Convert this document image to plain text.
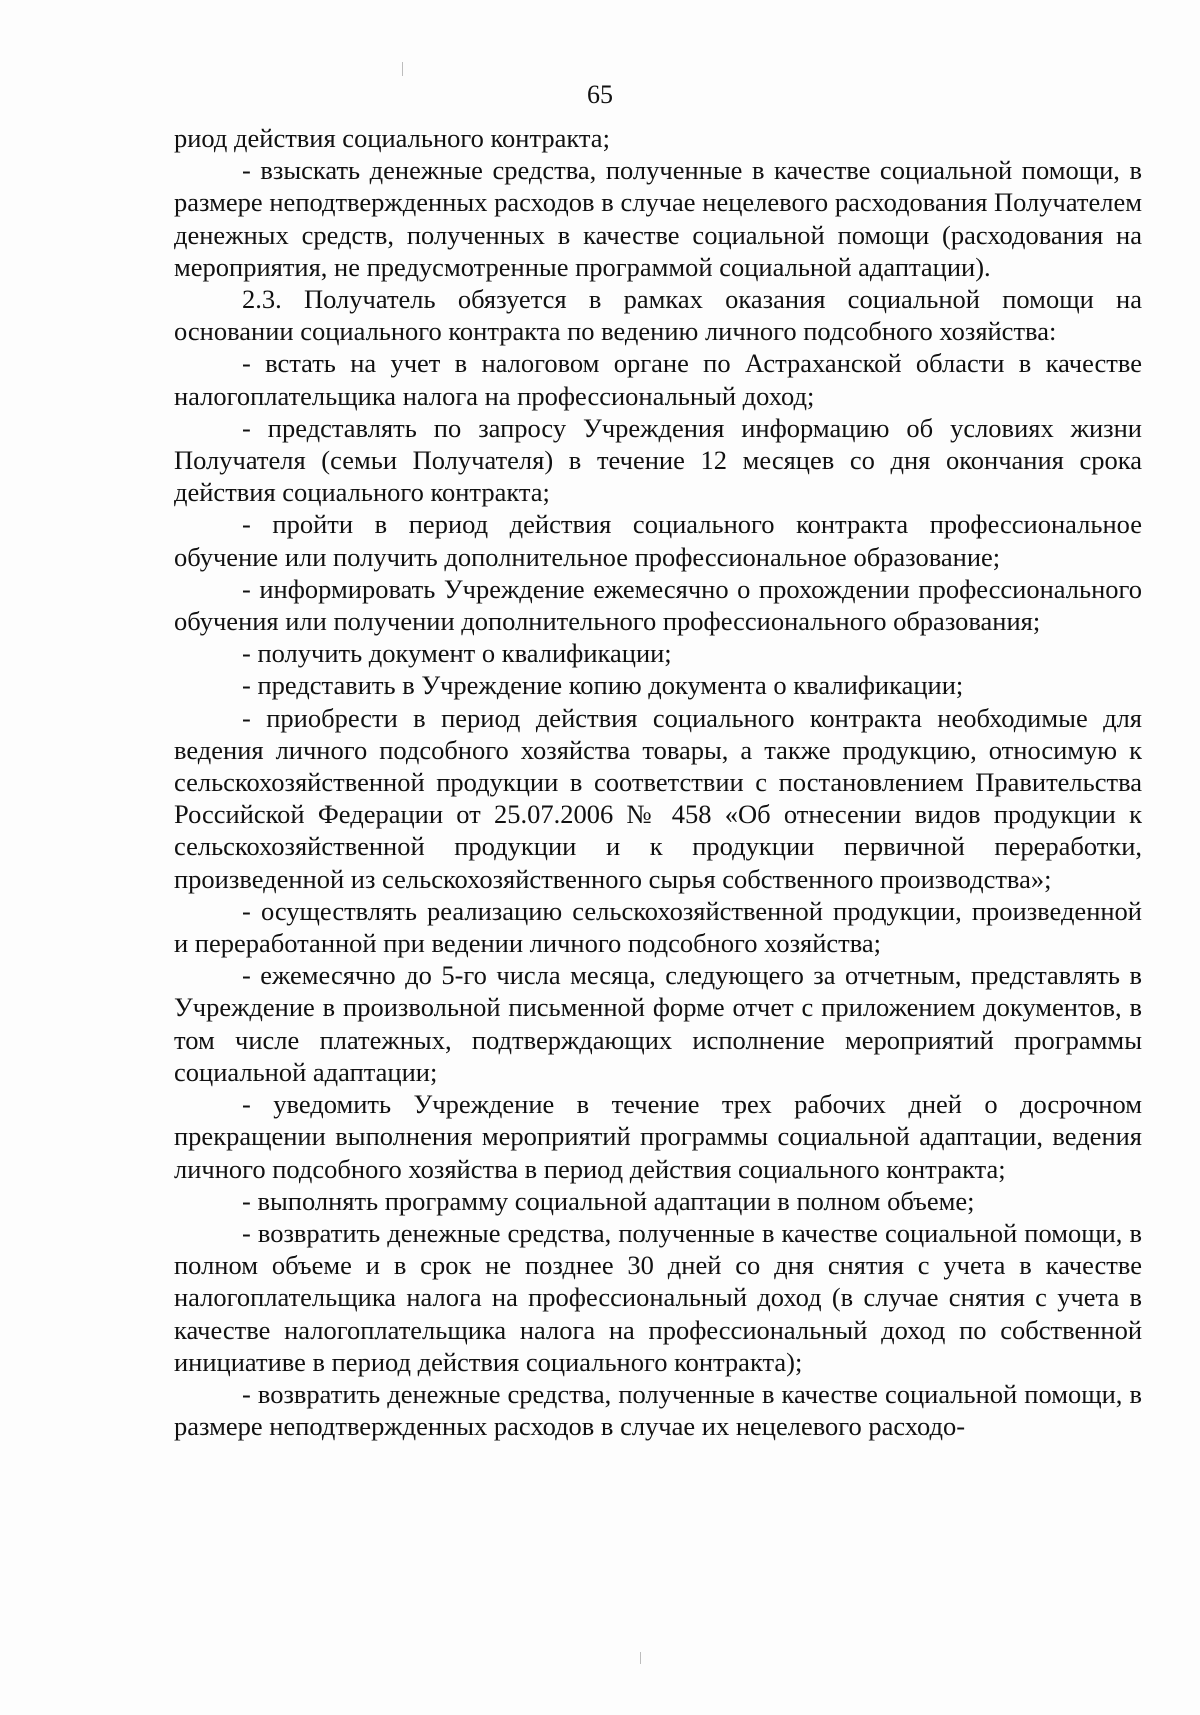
65

риод действия социального контракта;

- взыскать денежные средства, полученные в качестве социальной помощи, в размере неподтвержденных расходов в случае нецелевого расходования Получателем денежных средств, полученных в качестве социальной помощи (расходования на мероприятия, не предусмотренные программой социальной адаптации).

2.3. Получатель обязуется в рамках оказания социальной помощи на основании социального контракта по ведению личного подсобного хозяйства:

- встать на учет в налоговом органе по Астраханской области в качестве налогоплательщика налога на профессиональный доход;

- представлять по запросу Учреждения информацию об условиях жизни Получателя (семьи Получателя) в течение 12 месяцев со дня окончания срока действия социального контракта;

- пройти в период действия социального контракта профессиональное обучение или получить дополнительное профессиональное образование;

- информировать Учреждение ежемесячно о прохождении профессионального обучения или получении дополнительного профессионального образования;

- получить документ о квалификации;

- представить в Учреждение копию документа о квалификации;

- приобрести в период действия социального контракта необходимые для ведения личного подсобного хозяйства товары, а также продукцию, относимую к сельскохозяйственной продукции в соответствии с постановлением Правительства Российской Федерации от 25.07.2006 № 458 «Об отнесении видов продукции к сельскохозяйственной продукции и к продукции первичной переработки, произведенной из сельскохозяйственного сырья собственного производства»;

- осуществлять реализацию сельскохозяйственной продукции, произведенной и переработанной при ведении личного подсобного хозяйства;

- ежемесячно до 5-го числа месяца, следующего за отчетным, представлять в Учреждение в произвольной письменной форме отчет с приложением документов, в том числе платежных, подтверждающих исполнение мероприятий программы социальной адаптации;

- уведомить Учреждение в течение трех рабочих дней о досрочном прекращении выполнения мероприятий программы социальной адаптации, ведения личного подсобного хозяйства в период действия социального контракта;

- выполнять программу социальной адаптации в полном объеме;

- возвратить денежные средства, полученные в качестве социальной помощи, в полном объеме и в срок не позднее 30 дней со дня снятия с учета в качестве налогоплательщика налога на профессиональный доход (в случае снятия с учета в качестве налогоплательщика налога на профессиональный доход по собственной инициативе в период действия социального контракта);

- возвратить денежные средства, полученные в качестве социальной помощи, в размере неподтвержденных расходов в случае их нецелевого расходо-
